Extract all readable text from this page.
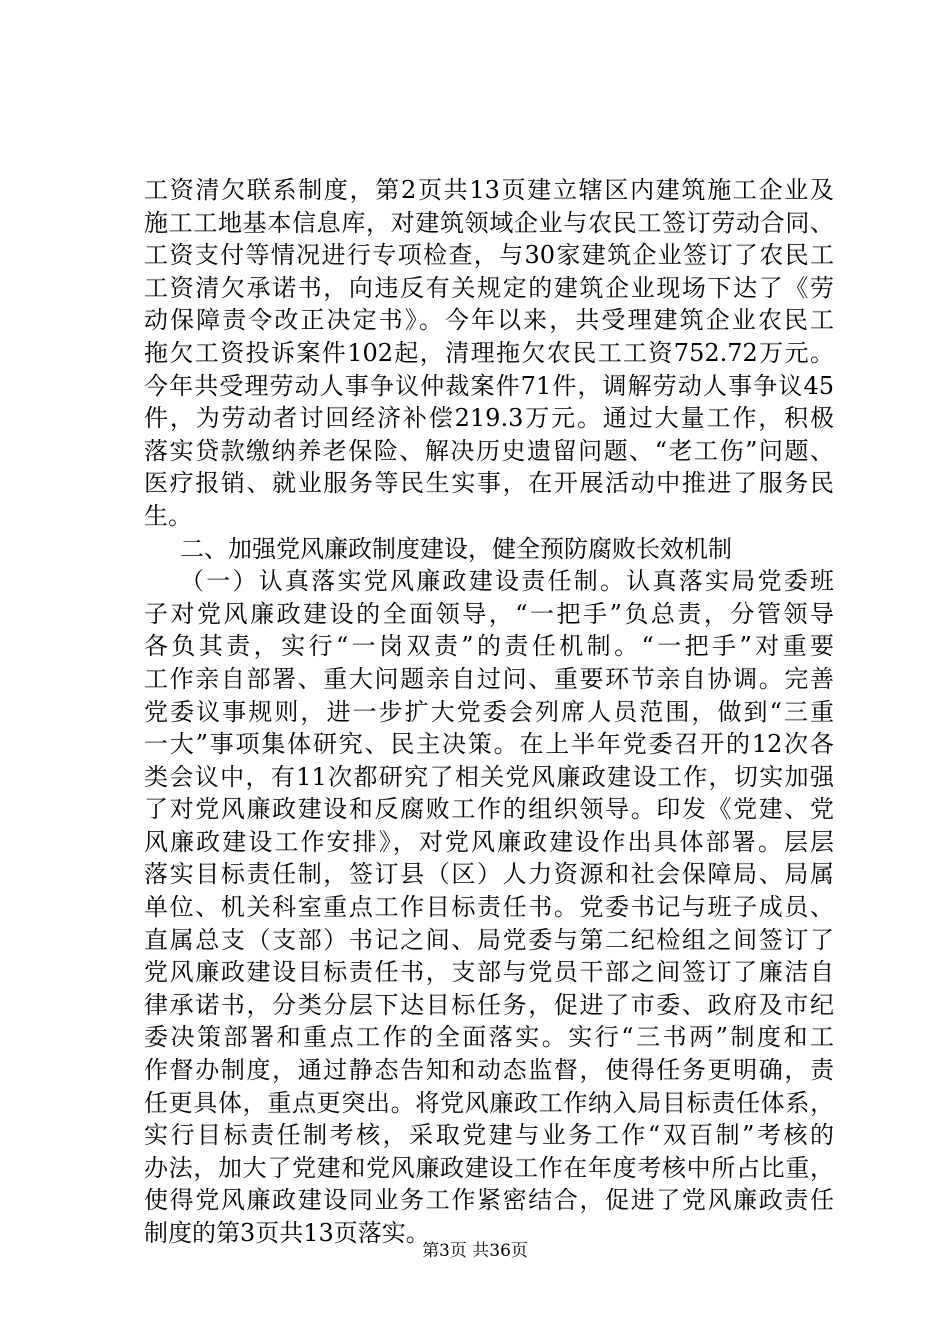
工资清欠联系制度，第2页共13页建立辖区内建筑施工企业及
施工工地基本信息库，对建筑领域企业与农民工签订劳动合同、
工资支付等情况进行专项检查，与30家建筑企业签订了农民工
工资清欠承诺书，向违反有关规定的建筑企业现场下达了《劳
动保障责令改正决定书》。今年以来，共受理建筑企业农民工
拖欠工资投诉案件102起，清理拖欠农民工工资752.72万元。
今年共受理劳动人事争议仲裁案件71件，调解劳动人事争议45
件，为劳动者讨回经济补偿219.3万元。通过大量工作，积极
落实贷款缴纳养老保险、解决历史遗留问题、“老工伤”问题、
医疗报销、就业服务等民生实事，在开展活动中推进了服务民
生。
二、加强党风廉政制度建设，健全预防腐败长效机制
（一）认真落实党风廉政建设责任制。认真落实局党委班
子对党风廉政建设的全面领导，“一把手”负总责，分管领导
各负其责，实行“一岗双责”的责任机制。“一把手”对重要
工作亲自部署、重大问题亲自过问、重要环节亲自协调。完善
党委议事规则，进一步扩大党委会列席人员范围，做到“三重
一大”事项集体研究、民主决策。在上半年党委召开的12次各
类会议中，有11次都研究了相关党风廉政建设工作，切实加强
了对党风廉政建设和反腐败工作的组织领导。印发《党建、党
风廉政建设工作安排》，对党风廉政建设作出具体部署。层层
落实目标责任制，签订县（区）人力资源和社会保障局、局属
单位、机关科室重点工作目标责任书。党委书记与班子成员、
直属总支（支部）书记之间、局党委与第二纪检组之间签订了
党风廉政建设目标责任书，支部与党员干部之间签订了廉洁自
律承诺书，分类分层下达目标任务，促进了市委、政府及市纪
委决策部署和重点工作的全面落实。实行“三书两”制度和工
作督办制度，通过静态告知和动态监督，使得任务更明确，责
任更具体，重点更突出。将党风廉政工作纳入局目标责任体系，
实行目标责任制考核，采取党建与业务工作“双百制”考核的
办法，加大了党建和党风廉政建设工作在年度考核中所占比重，
使得党风廉政建设同业务工作紧密结合，促进了党风廉政责任
制度的第3页共13页落实。
第3页 共36页
